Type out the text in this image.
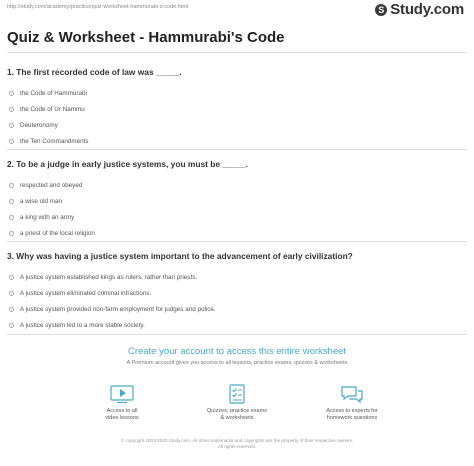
http://study.com/academy/practice/quiz-worksheet-hammurabi-s-code.html	S Study.com
Quiz & Worksheet - Hammurabi's Code
1. The first recorded code of law was _____.
the Code of Hammurabi
the Code of Ur Nammu
Deuteronomy
the Ten Commandments
2. To be a judge in early justice systems, you must be _____.
respected and obeyed
a wise old man
a king with an army
a priest of the local religion
3. Why was having a justice system important to the advancement of early civilization?
A justice system established kings as rulers, rather than priests.
A justice system eliminated criminal infractions.
A justice system provided non-farm employment for judges and police.
A justice system led to a more stable society.
Create your account to access this entire worksheet
A Premium account gives you access to all lessons, practice exams, quizzes & worksheets
Access to all
video lessons
Quizzes, practice exams
& worksheets
Access to experts for
homework questions
© copyright 2003-2020 Study.com. All other trademarks and copyrights are the property of their respective owners.
All rights reserved.
